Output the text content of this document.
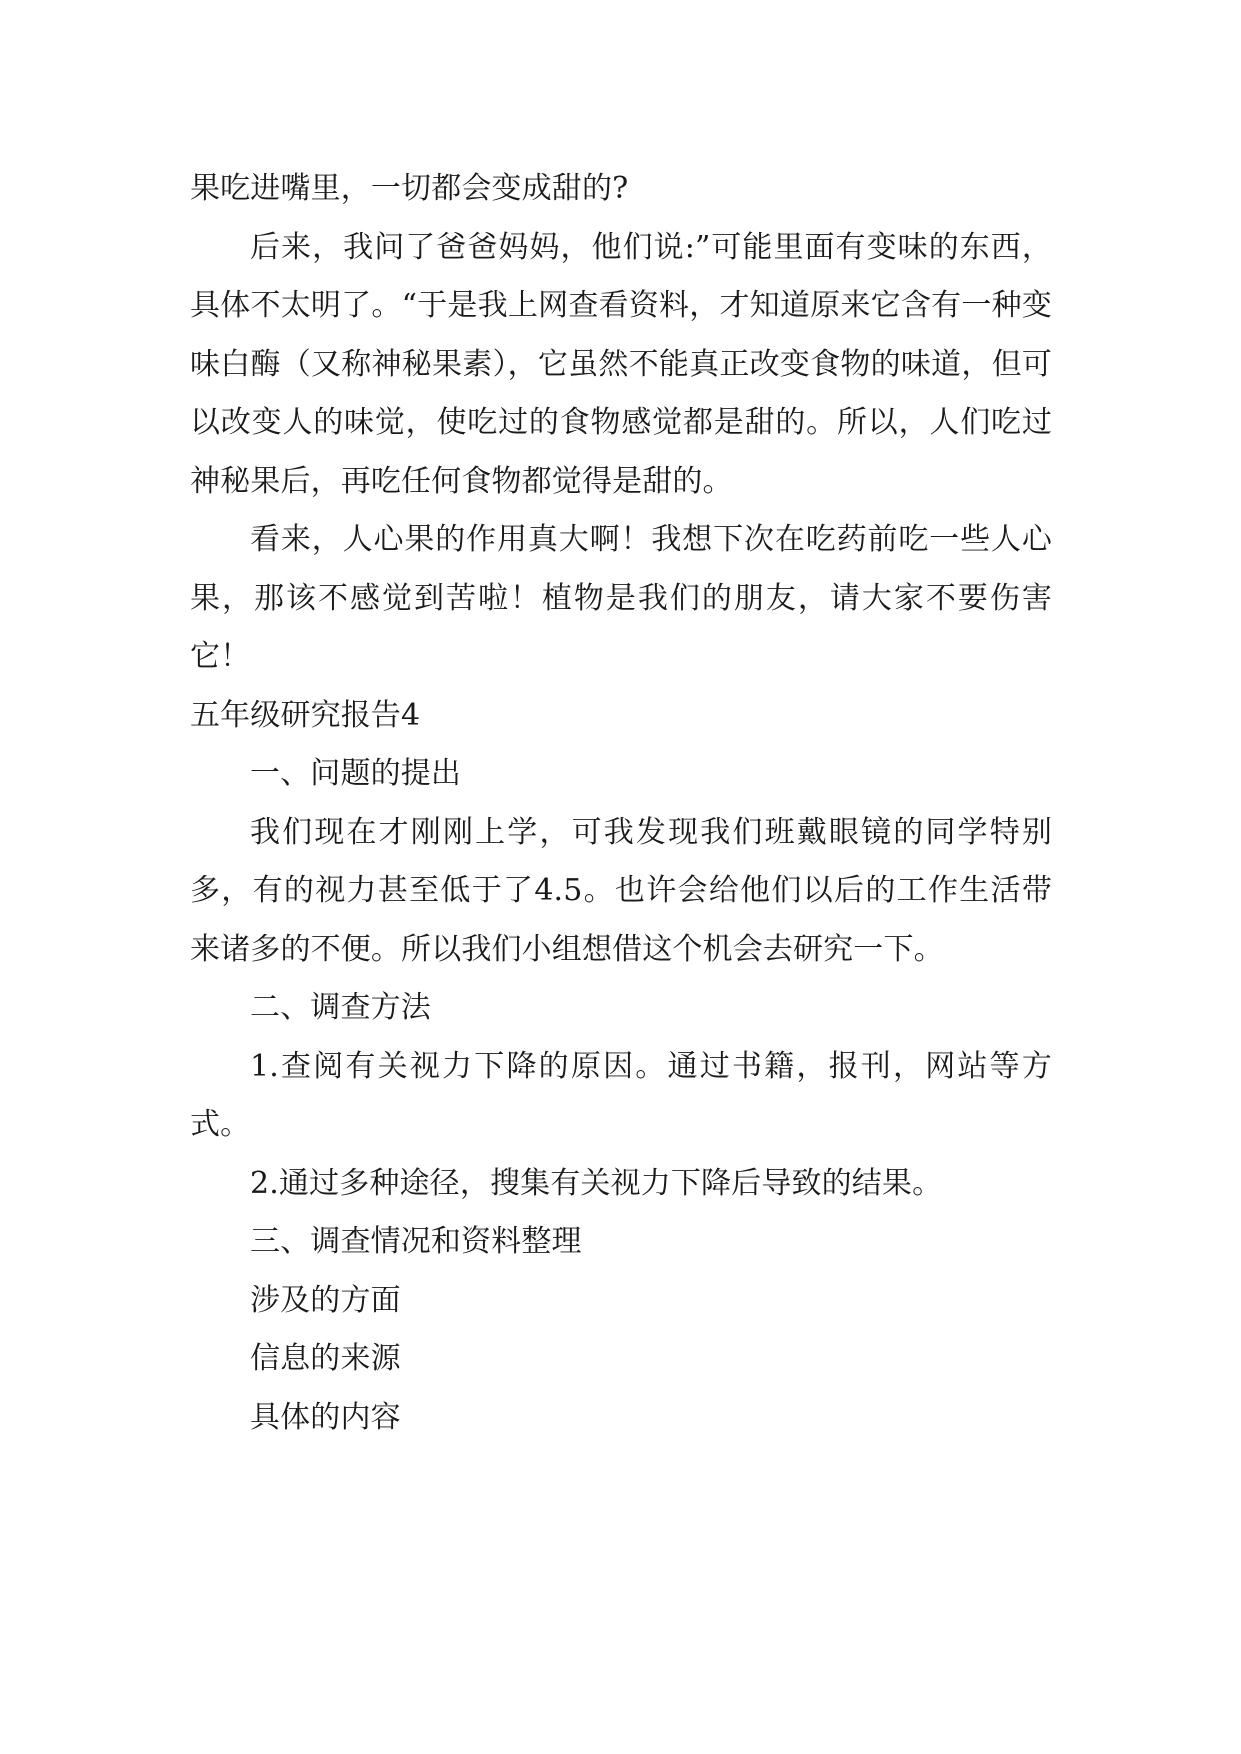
果吃进嘴里，一切都会变成甜的?

后来，我问了爸爸妈妈，他们说:”可能里面有变味的东西，具体不太明了。“于是我上网查看资料，才知道原来它含有一种变味白酶（又称神秘果素），它虽然不能真正改变食物的味道，但可以改变人的味觉，使吃过的食物感觉都是甜的。所以，人们吃过神秘果后，再吃任何食物都觉得是甜的。

看来，人心果的作用真大啊！我想下次在吃药前吃一些人心果，那该不感觉到苦啦！植物是我们的朋友，请大家不要伤害它！

五年级研究报告4

一、问题的提出

我们现在才刚刚上学，可我发现我们班戴眼镜的同学特别多，有的视力甚至低于了4.5。也许会给他们以后的工作生活带来诸多的不便。所以我们小组想借这个机会去研究一下。

二、调查方法

1.查阅有关视力下降的原因。通过书籍，报刊，网站等方式。

2.通过多种途径，搜集有关视力下降后导致的结果。

三、调查情况和资料整理

涉及的方面

信息的来源

具体的内容
